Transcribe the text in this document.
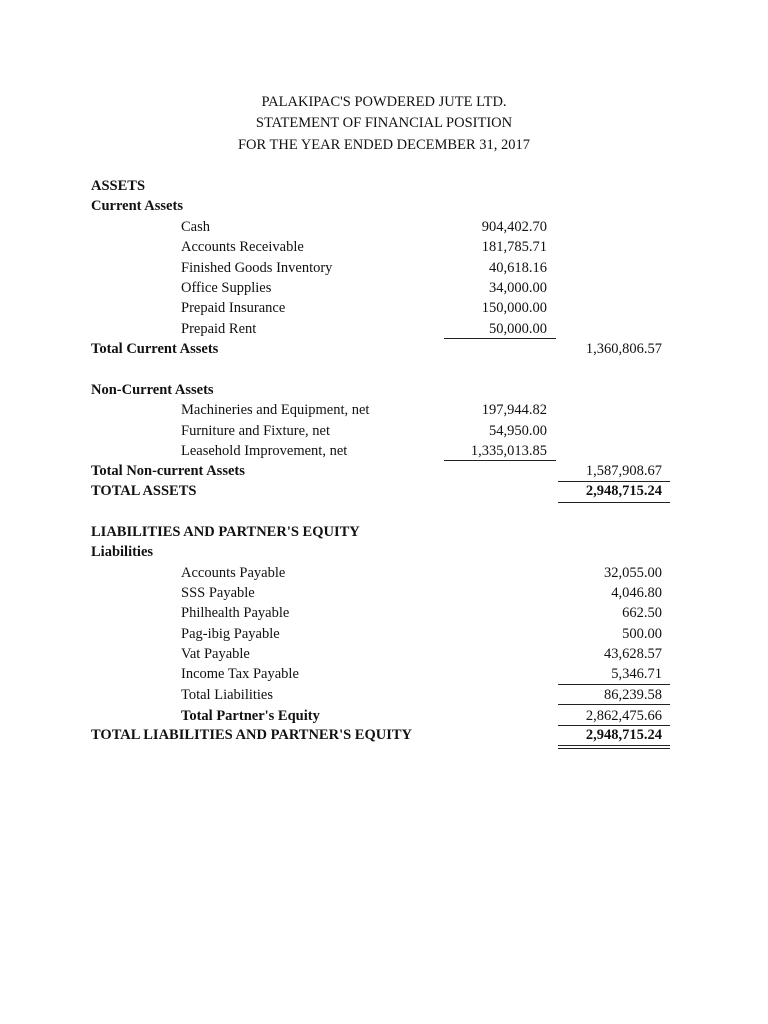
PALAKIPAC'S POWDERED JUTE LTD.
STATEMENT OF FINANCIAL POSITION
FOR THE YEAR ENDED DECEMBER 31, 2017
ASSETS
Current Assets
Cash	904,402.70
Accounts Receivable	181,785.71
Finished Goods Inventory	40,618.16
Office Supplies	34,000.00
Prepaid Insurance	150,000.00
Prepaid Rent	50,000.00
Total Current Assets	1,360,806.57
Non-Current Assets
Machineries and Equipment, net	197,944.82
Furniture and Fixture, net	54,950.00
Leasehold Improvement, net	1,335,013.85
Total Non-current Assets	1,587,908.67
TOTAL ASSETS	2,948,715.24
LIABILITIES AND PARTNER'S EQUITY
Liabilities
Accounts Payable	32,055.00
SSS Payable	4,046.80
Philhealth Payable	662.50
Pag-ibig Payable	500.00
Vat Payable	43,628.57
Income Tax Payable	5,346.71
Total Liabilities	86,239.58
Total Partner's Equity	2,862,475.66
TOTAL LIABILITIES AND PARTNER'S EQUITY	2,948,715.24
